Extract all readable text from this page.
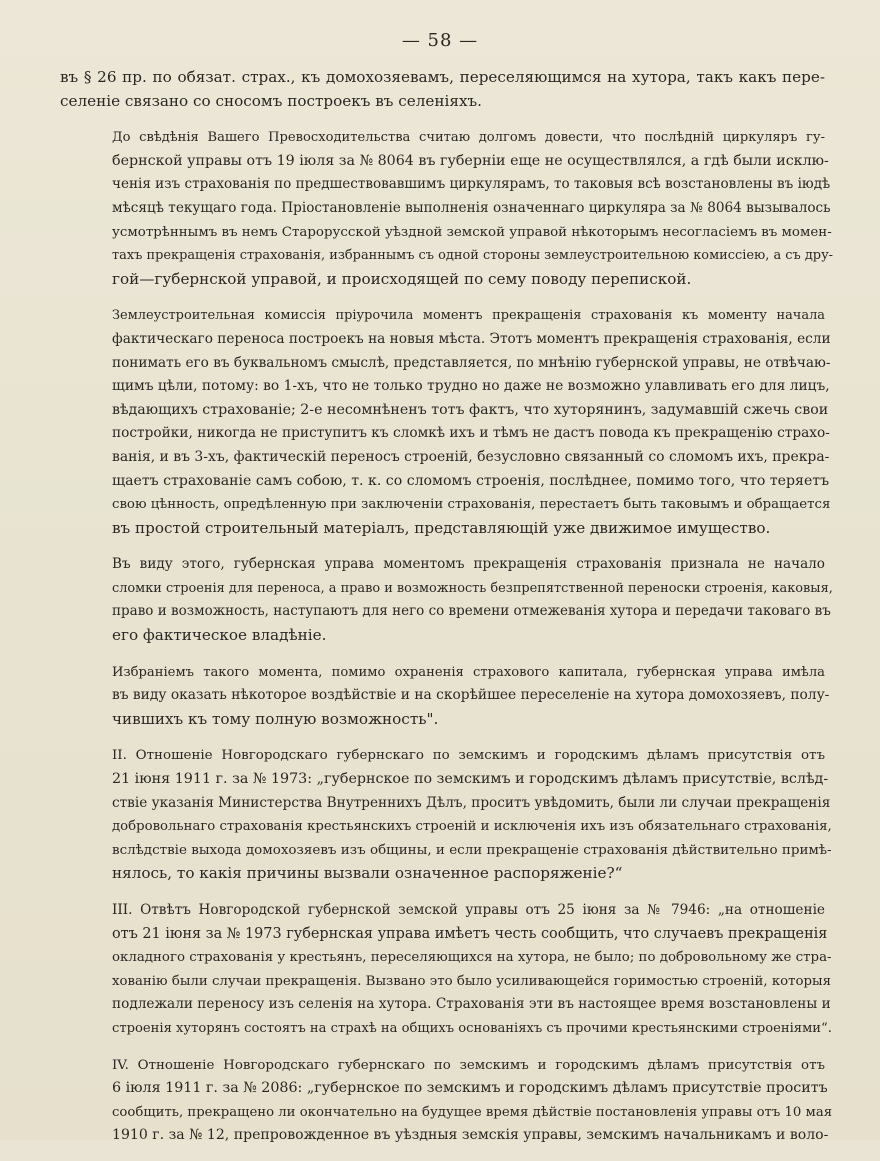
— 58 —
въ § 26 пр. по обязат. страх., къ домохозяевамъ, переселяющимся на хутора, такъ какъ пере-
селеніе связано со сносомъ построекъ въ селеніяхъ.
До свѣдѣнія Вашего Превосходительства считаю долгомъ довести, что послѣдній циркуляръ гу-
бернской управы отъ 19 іюля за № 8064 въ губерніи еще не осуществлялся, а гдѣ были исклю-
ченія изъ страхованія по предшествовавшимъ циркулярамъ, то таковыя всѣ возстановлены въ іюдѣ
мѣсяцѣ текущаго года. Пріостановленіе выполненія означеннаго циркуляра за № 8064 вызывалось
усмотрѣннымъ въ немъ Старорусской уѣздной земской управой нѣкоторымъ несогласіемъ въ момен-
тахъ прекращенія страхованія, избраннымъ съ одной стороны землеустроительною комиссіею, а съ дру-
гой—губернской управой, и происходящей по сему поводу перепиской.
Землеустроительная комиссія пріурочила моментъ прекращенія страхованія къ моменту начала
фактическаго переноса построекъ на новыя мѣста. Этотъ моментъ прекращенія страхованія, если
понимать его въ буквальномъ смыслѣ, представляется, по мнѣнію губернской управы, не отвѣчаю-
щимъ цѣли, потому: во 1-хъ, что не только трудно но даже не возможно улавливать его для лицъ,
вѣдающихъ страхованіе; 2-е несомнѣненъ тотъ фактъ, что хуторянинъ, задумавшій сжечь свои
постройки, никогда не приступитъ къ сломкѣ ихъ и тѣмъ не дастъ повода къ прекращенію страхо-
ванія, и въ 3-хъ, фактическій переносъ строеній, безусловно связанный со сломомъ ихъ, прекра-
щаетъ страхованіе самъ собою, т. к. со сломомъ строенія, послѣднее, помимо того, что теряетъ
свою цѣнность, опредѣленную при заключеніи страхованія, перестаетъ быть таковымъ и обращается
въ простой строительный матеріалъ, представляющій уже движимое имущество.
Въ виду этого, губернская управа моментомъ прекращенія страхованія признала не начало
сломки строенія для переноса, а право и возможность безпрепятственной переноски строенія, каковыя,
право и возможность, наступаютъ для него со времени отмежеванія хутора и передачи таковаго въ
его фактическое владѣніе.
Избраніемъ такого момента, помимо охраненія страхового капитала, губернская управа имѣла
въ виду оказать нѣкоторое воздѣйствіе и на скорѣйшее переселеніе на хутора домохозяевъ, полу-
чившихъ къ тому полную возможность".
II. Отношеніе Новгородскаго губернскаго по земскимъ и городскимъ дѣламъ присутствія отъ
21 іюня 1911 г. за № 1973: „губернское по земскимъ и городскимъ дѣламъ присутствіе, вслѣд-
ствіе указанія Министерства Внутреннихъ Дѣлъ, проситъ увѣдомить, были ли случаи прекращенія
добровольнаго страхованія крестьянскихъ строеній и исключенія ихъ изъ обязательнаго страхованія,
вслѣдствіе выхода домохозяевъ изъ общины, и если прекращеніе страхованія дѣйствительно примѣ-
нялось, то какія причины вызвали означенное распоряженіе?“
III. Отвѣтъ Новгородской губернской земской управы отъ 25 іюня за № 7946: „на отношеніе
отъ 21 іюня за № 1973 губернская управа имѣетъ честь сообщить, что случаевъ прекращенія
окладного страхованія у крестьянъ, переселяющихся на хутора, не было; по добровольному же стра-
хованію были случаи прекращенія. Вызвано это было усиливающейся горимостью строеній, которыя
подлежали переносу изъ селенія на хутора. Страхованія эти въ настоящее время возстановлены и
строенія хуторянъ состоятъ на страхѣ на общихъ основаніяхъ съ прочими крестьянскими строеніями“.
IV. Отношеніе Новгородскаго губернскаго по земскимъ и городскимъ дѣламъ присутствія отъ
6 іюля 1911 г. за № 2086: „губернское по земскимъ и городскимъ дѣламъ присутствіе проситъ
сообщить, прекращено ли окончательно на будущее время дѣйствіе постановленія управы отъ 10 мая
1910 г. за № 12, препровожденное въ уѣздныя земскія управы, земскимъ начальникамъ и воло-
